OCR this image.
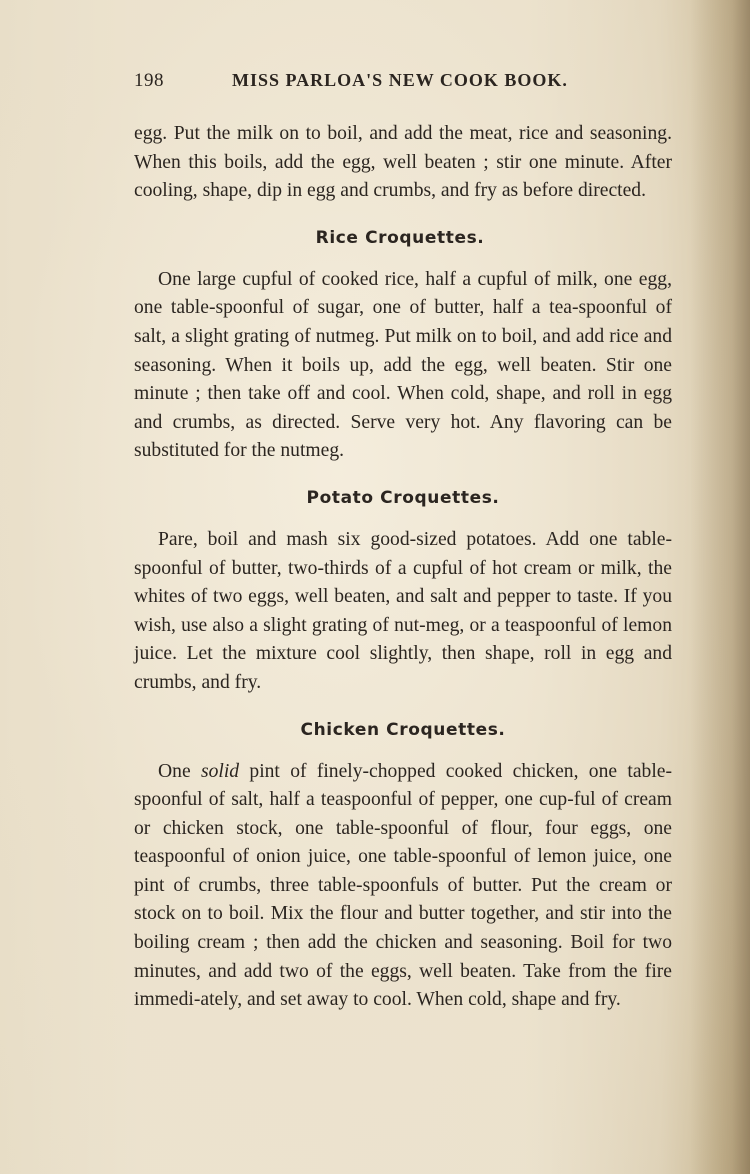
198	MISS PARLOA'S NEW COOK BOOK.

egg. Put the milk on to boil, and add the meat, rice and seasoning. When this boils, add the egg, well beaten ; stir one minute. After cooling, shape, dip in egg and crumbs, and fry as before directed.

Rice Croquettes.

One large cupful of cooked rice, half a cupful of milk, one egg, one table-spoonful of sugar, one of butter, half a tea-spoonful of salt, a slight grating of nutmeg. Put milk on to boil, and add rice and seasoning. When it boils up, add the egg, well beaten. Stir one minute ; then take off and cool. When cold, shape, and roll in egg and crumbs, as directed. Serve very hot. Any flavoring can be substituted for the nutmeg.

Potato Croquettes.

Pare, boil and mash six good-sized potatoes. Add one table-spoonful of butter, two-thirds of a cupful of hot cream or milk, the whites of two eggs, well beaten, and salt and pepper to taste. If you wish, use also a slight grating of nut-meg, or a teaspoonful of lemon juice. Let the mixture cool slightly, then shape, roll in egg and crumbs, and fry.

Chicken Croquettes.

One solid pint of finely-chopped cooked chicken, one table-spoonful of salt, half a teaspoonful of pepper, one cup-ful of cream or chicken stock, one table-spoonful of flour, four eggs, one teaspoonful of onion juice, one table-spoonful of lemon juice, one pint of crumbs, three table-spoonfuls of butter. Put the cream or stock on to boil. Mix the flour and butter together, and stir into the boiling cream ; then add the chicken and seasoning. Boil for two minutes, and add two of the eggs, well beaten. Take from the fire immedi-ately, and set away to cool. When cold, shape and fry.
